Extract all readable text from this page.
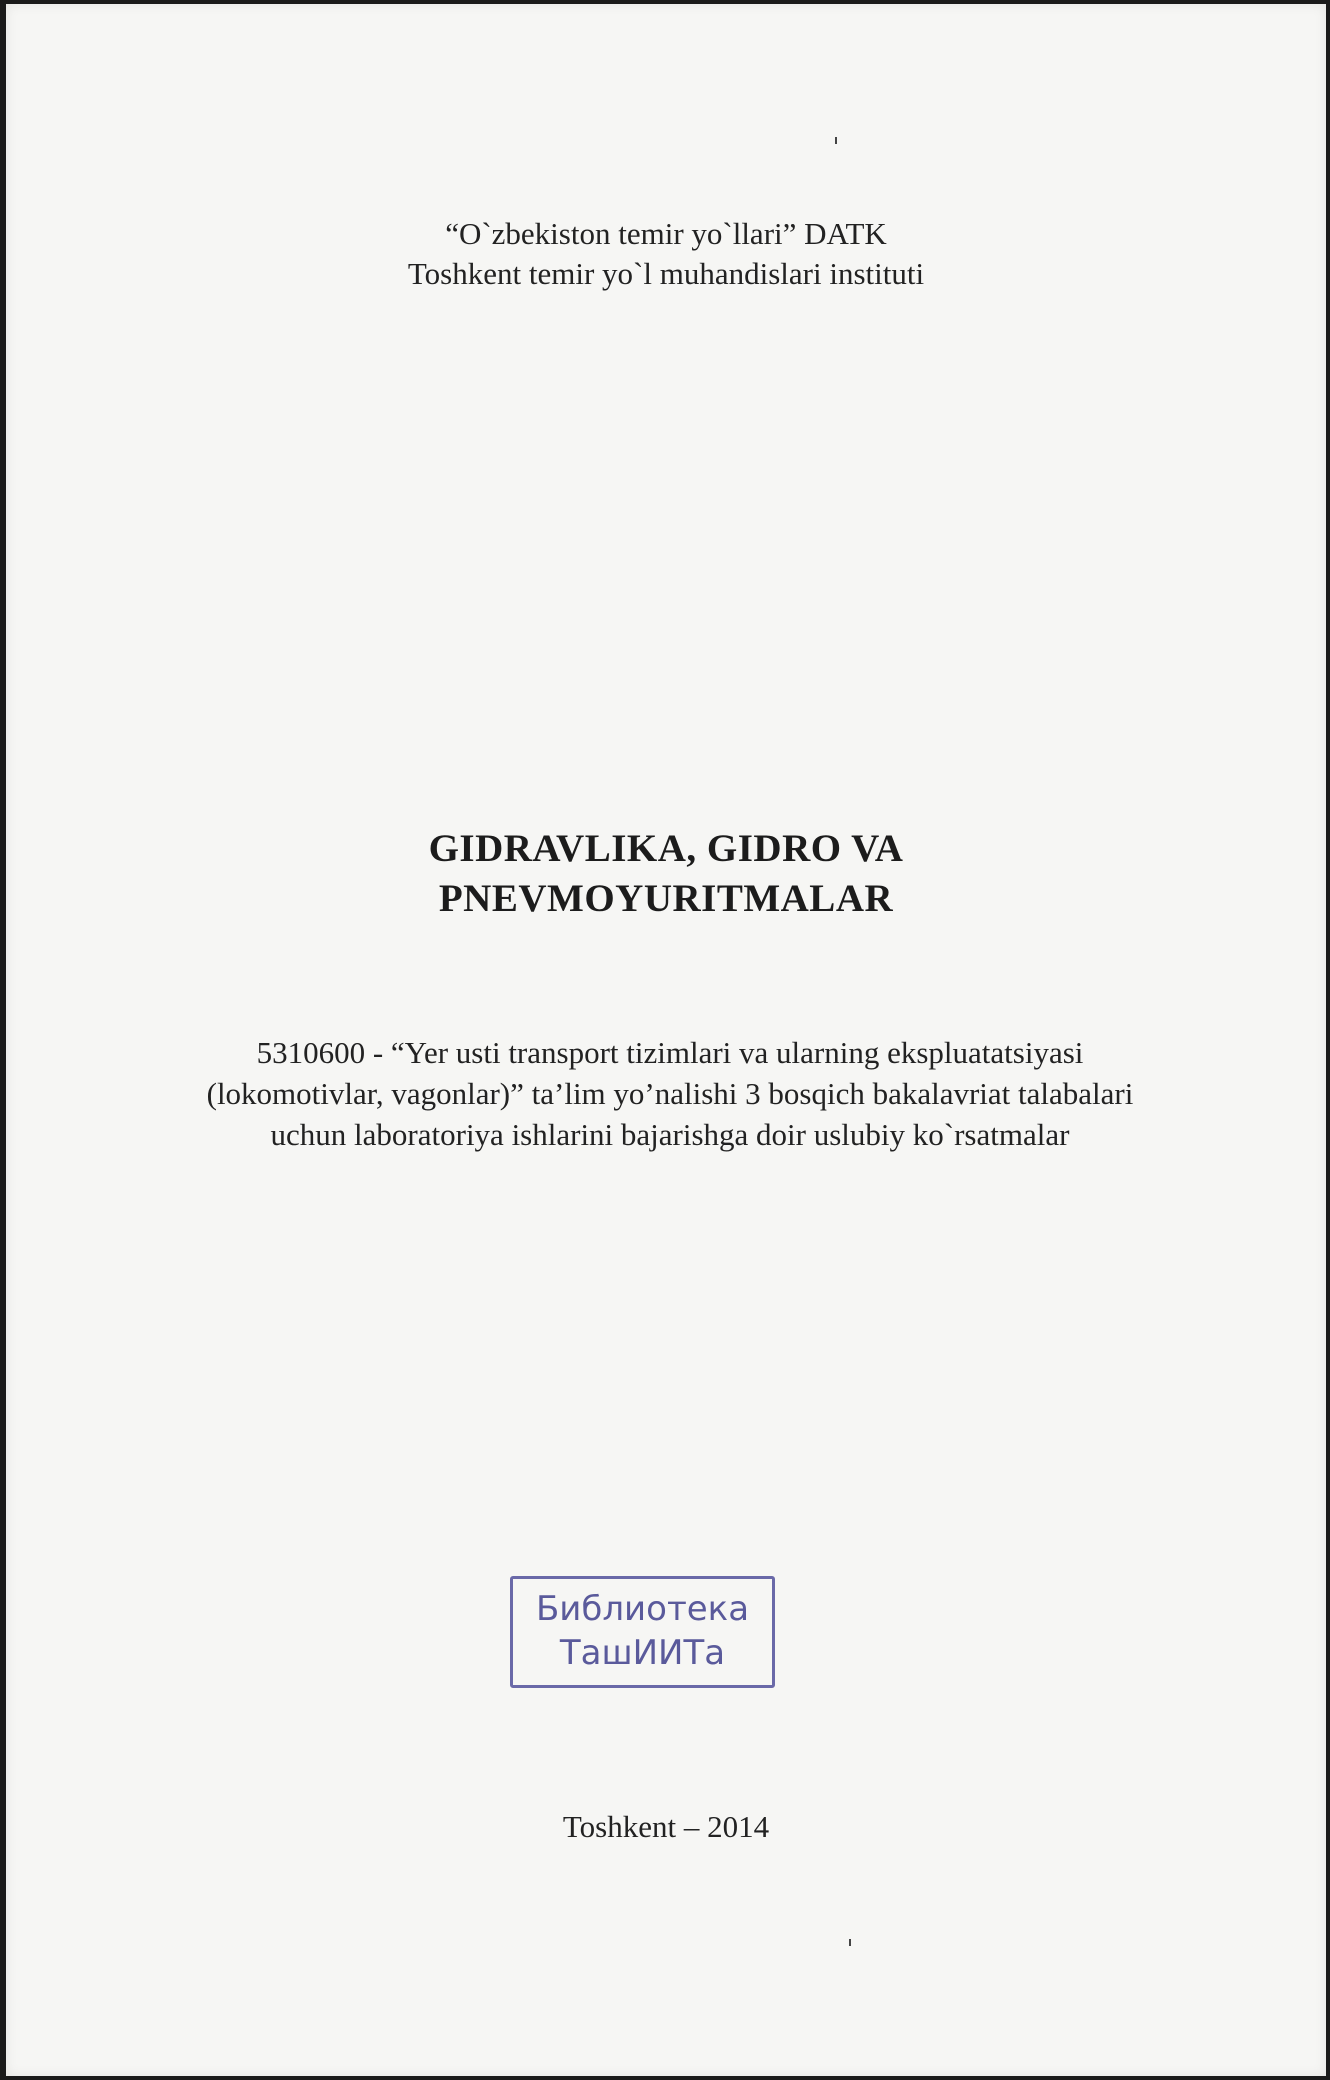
“O`zbekiston temir yo`llari” DATK
Toshkent temir yo`l muhandislari instituti
GIDRAVLIKA, GIDRO VA
PNEVMOYURITMALAR
5310600 - “Yer usti transport tizimlari va ularning ekspluatatsiyasi
(lokomotivlar, vagonlar)” ta’lim yo’nalishi 3 bosqich bakalavriat talabalari
uchun laboratoriya ishlarini bajarishga doir uslubiy ko`rsatmalar
Библиотека
ТашИИТа
Toshkent – 2014
